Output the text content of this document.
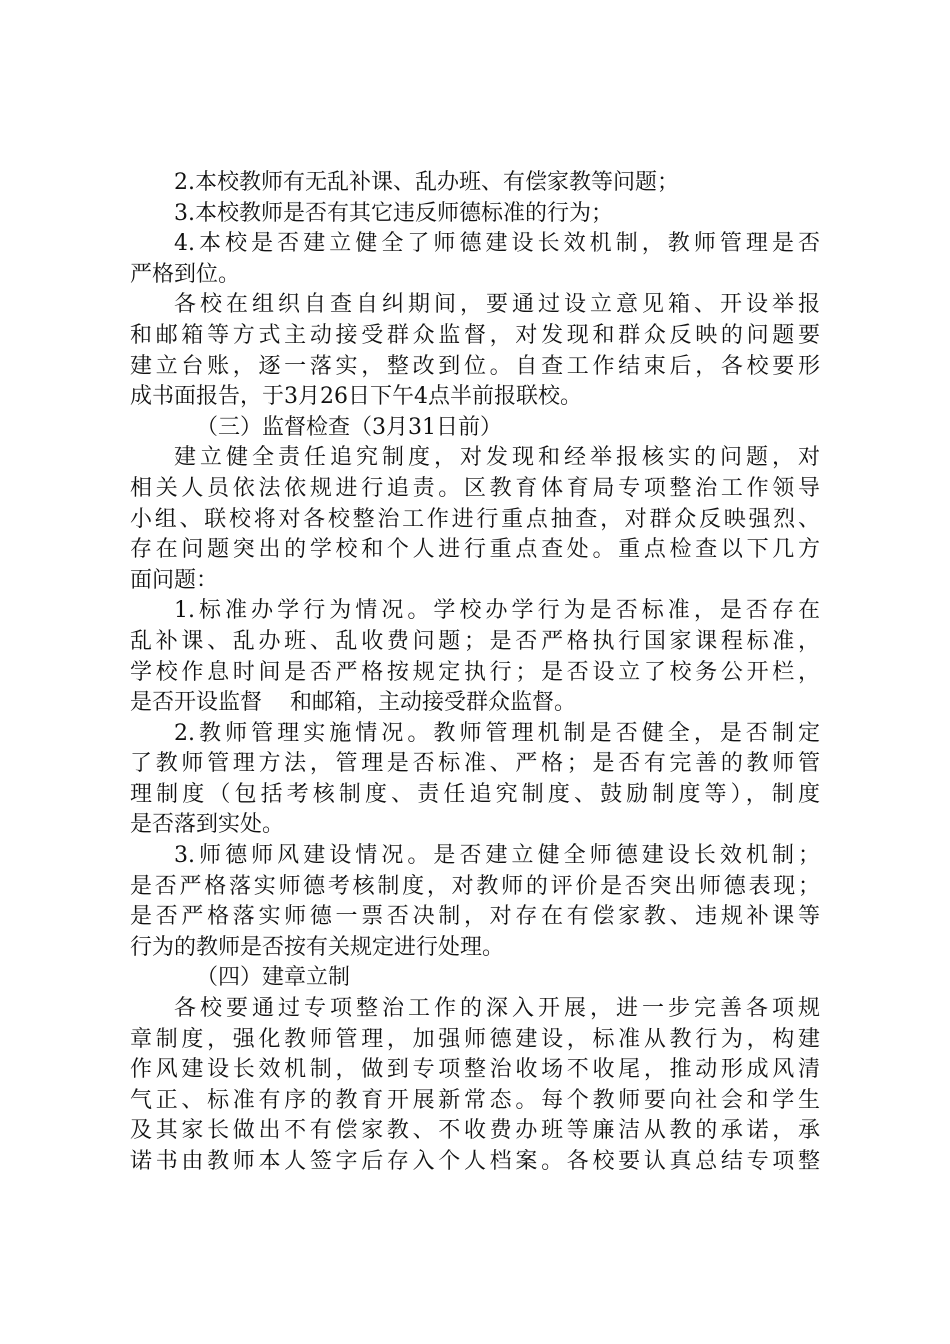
2.本校教师有无乱补课、乱办班、有偿家教等问题；
3.本校教师是否有其它违反师德标准的行为；
4.本校是否建立健全了师德建设长效机制，教师管理是否
严格到位。
各校在组织自查自纠期间，要通过设立意见箱、开设举报
和邮箱等方式主动接受群众监督，对发现和群众反映的问题要
建立台账，逐一落实，整改到位。自查工作结束后，各校要形
成书面报告，于3月26日下午4点半前报联校。
（三）监督检查（3月31日前）
建立健全责任追究制度，对发现和经举报核实的问题，对
相关人员依法依规进行追责。区教育体育局专项整治工作领导
小组、联校将对各校整治工作进行重点抽查，对群众反映强烈、
存在问题突出的学校和个人进行重点查处。重点检查以下几方
面问题：
1.标准办学行为情况。学校办学行为是否标准，是否存在
乱补课、乱办班、乱收费问题；是否严格执行国家课程标准，
学校作息时间是否严格按规定执行；是否设立了校务公开栏，
是否开设监督    和邮箱，主动接受群众监督。
2.教师管理实施情况。教师管理机制是否健全，是否制定
了教师管理方法，管理是否标准、严格；是否有完善的教师管
理制度（包括考核制度、责任追究制度、鼓励制度等），制度
是否落到实处。
3.师德师风建设情况。是否建立健全师德建设长效机制；
是否严格落实师德考核制度，对教师的评价是否突出师德表现；
是否严格落实师德一票否决制，对存在有偿家教、违规补课等
行为的教师是否按有关规定进行处理。
（四）建章立制
各校要通过专项整治工作的深入开展，进一步完善各项规
章制度，强化教师管理，加强师德建设，标准从教行为，构建
作风建设长效机制，做到专项整治收场不收尾，推动形成风清
气正、标准有序的教育开展新常态。每个教师要向社会和学生
及其家长做出不有偿家教、不收费办班等廉洁从教的承诺，承
诺书由教师本人签字后存入个人档案。各校要认真总结专项整
